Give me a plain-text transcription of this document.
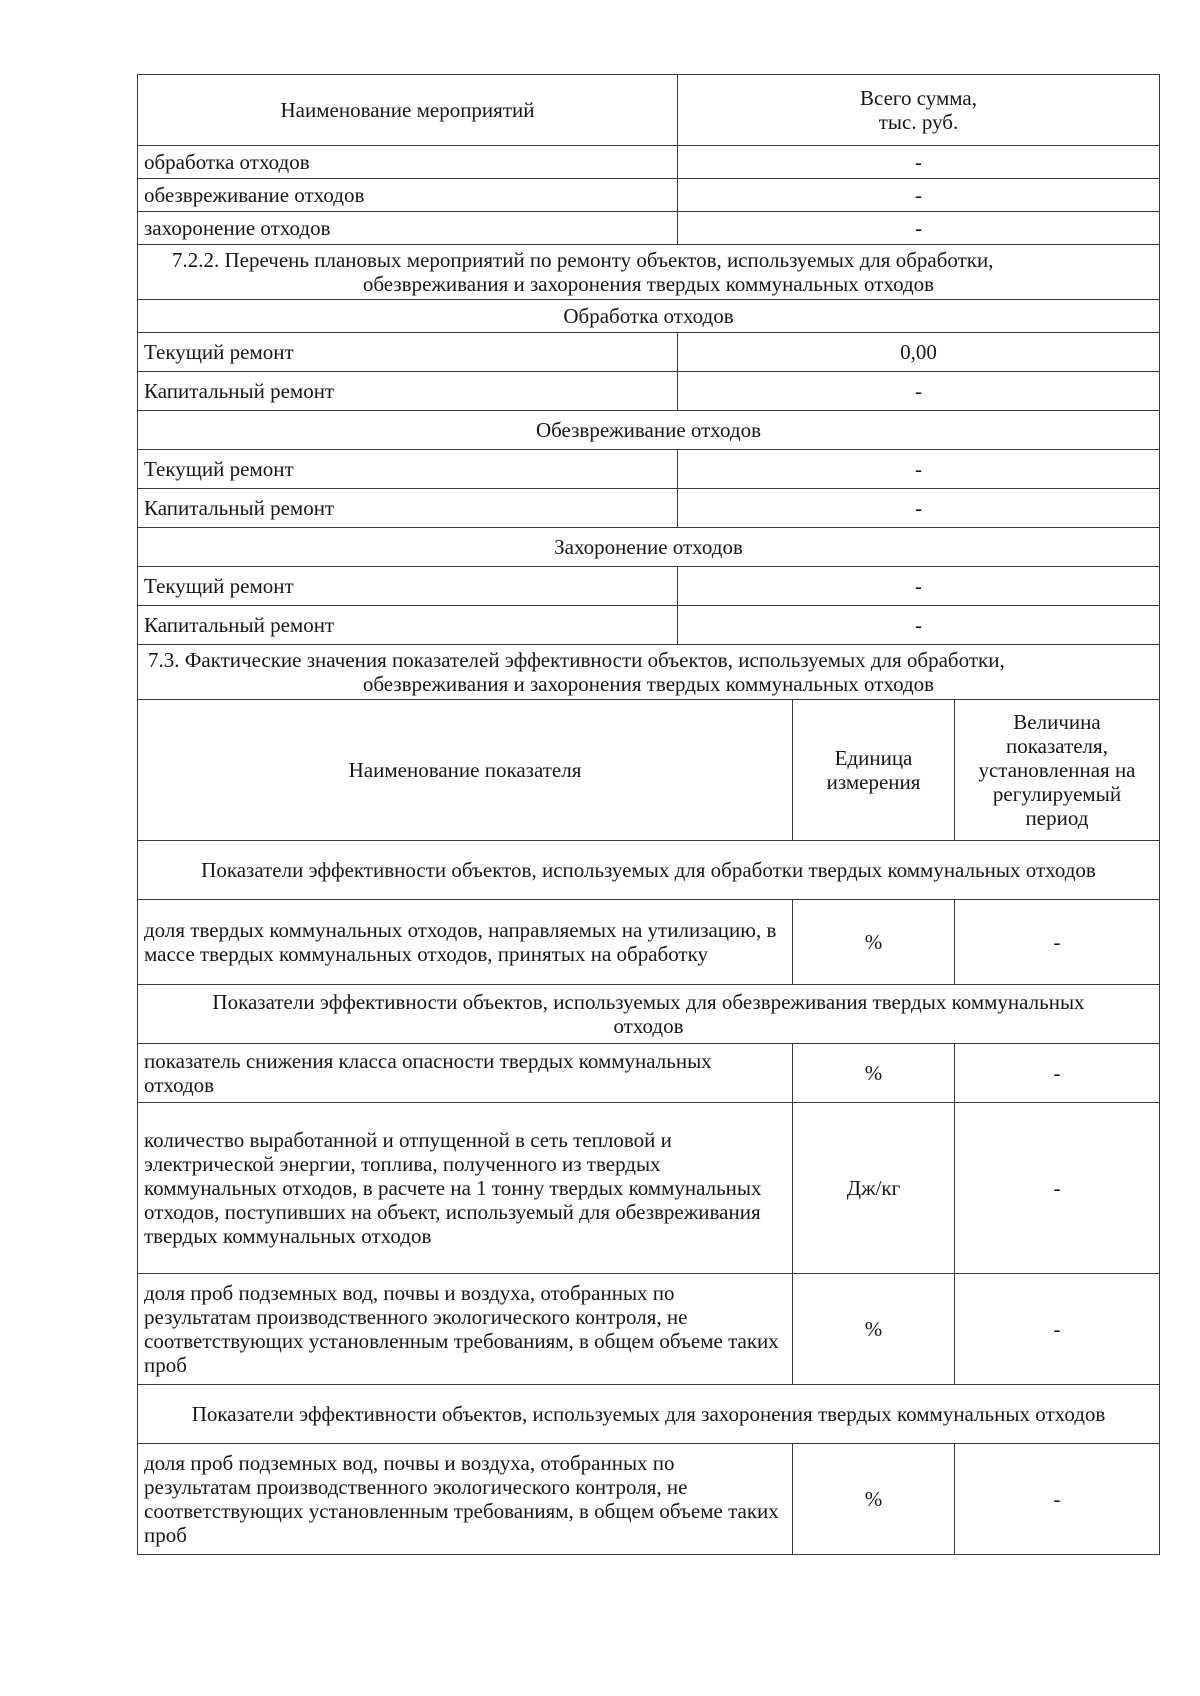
Наименование мероприятий	Всего сумма,
тыс. руб.
обработка отходов	-
обезвреживание отходов	-
захоронение отходов	-

7.2.2. Перечень плановых мероприятий по ремонту объектов, используемых для обработки,
обезвреживания и захоронения твердых коммунальных отходов	
Обработка отходов	
Текущий ремонт	0,00
Капитальный ремонт	-
Обезвреживание отходов	
Текущий ремонт	-
Капитальный ремонт	-
Захоронение отходов	
Текущий ремонт	-
Капитальный ремонт	-

7.3. Фактические значения показателей эффективности объектов, используемых для обработки,
обезвреживания и захоронения твердых коммунальных отходов	
Наименование показателя	Единица измерения	Величина показателя, установленная на регулируемый период
Показатели эффективности объектов, используемых для обработки твердых коммунальных отходов		
доля твердых коммунальных отходов, направляемых на утилизацию, в массе твердых коммунальных отходов, принятых на обработку	%	-
Показатели эффективности объектов, используемых для обезвреживания твердых коммунальных отходов		
показатель снижения класса опасности твердых коммунальных отходов	%	-
количество выработанной и отпущенной в сеть тепловой и электрической энергии, топлива, полученного из твердых коммунальных отходов, в расчете на 1 тонну твердых коммунальных отходов, поступивших на объект, используемый для обезвреживания твердых коммунальных отходов	Дж/кг	-
доля проб подземных вод, почвы и воздуха, отобранных по результатам производственного экологического контроля, не соответствующих установленным требованиям, в общем объеме таких проб	%	-
Показатели эффективности объектов, используемых для захоронения твердых коммунальных отходов		
доля проб подземных вод, почвы и воздуха, отобранных по результатам производственного экологического контроля, не соответствующих установленным требованиям, в общем объеме таких проб	%	-
